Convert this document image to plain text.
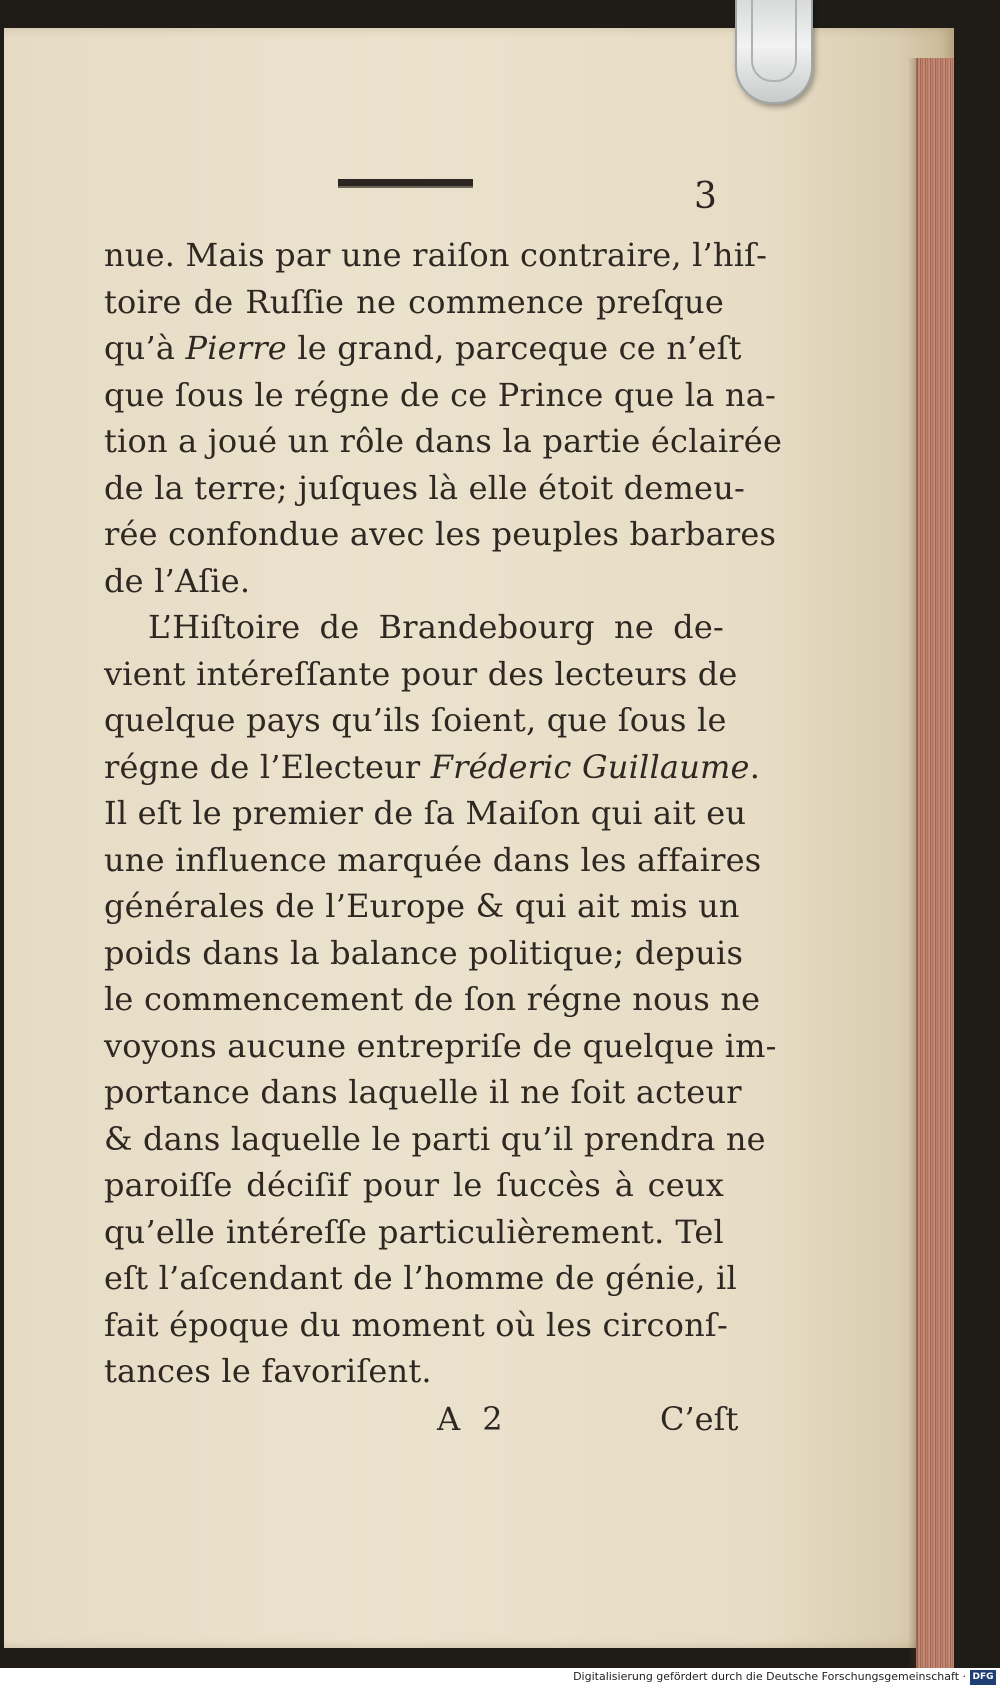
3
nue. Mais par une raiſon contraire, l’hiſ-
toire de Ruſſie ne commence preſque
qu’à Pierre le grand, parceque ce n’eſt
que ſous le régne de ce Prince que la na-
tion a joué un rôle dans la partie éclairée
de la terre; juſques là elle étoit demeu-
rée confondue avec les peuples barbares
de l’Aſie.
L’Hiſtoire de Brandebourg ne de-
vient intéreſſante pour des lecteurs de
quelque pays qu’ils ſoient, que ſous le
régne de l’Electeur Fréderic Guillaume.
Il eſt le premier de ſa Maiſon qui ait eu
une influence marquée dans les affaires
générales de l’Europe & qui ait mis un
poids dans la balance politique; depuis
le commencement de ſon régne nous ne
voyons aucune entrepriſe de quelque im-
portance dans laquelle il ne ſoit acteur
& dans laquelle le parti qu’il prendra ne
paroiſſe déciſif pour le ſuccès à ceux
qu’elle intéreſſe particulièrement. Tel
eſt l’aſcendant de l’homme de génie, il
fait époque du moment où les circonſ-
tances le favoriſent.
A 2	C’eſt
Digitalisierung gefördert durch die Deutsche Forschungsgemeinschaft · DFG
